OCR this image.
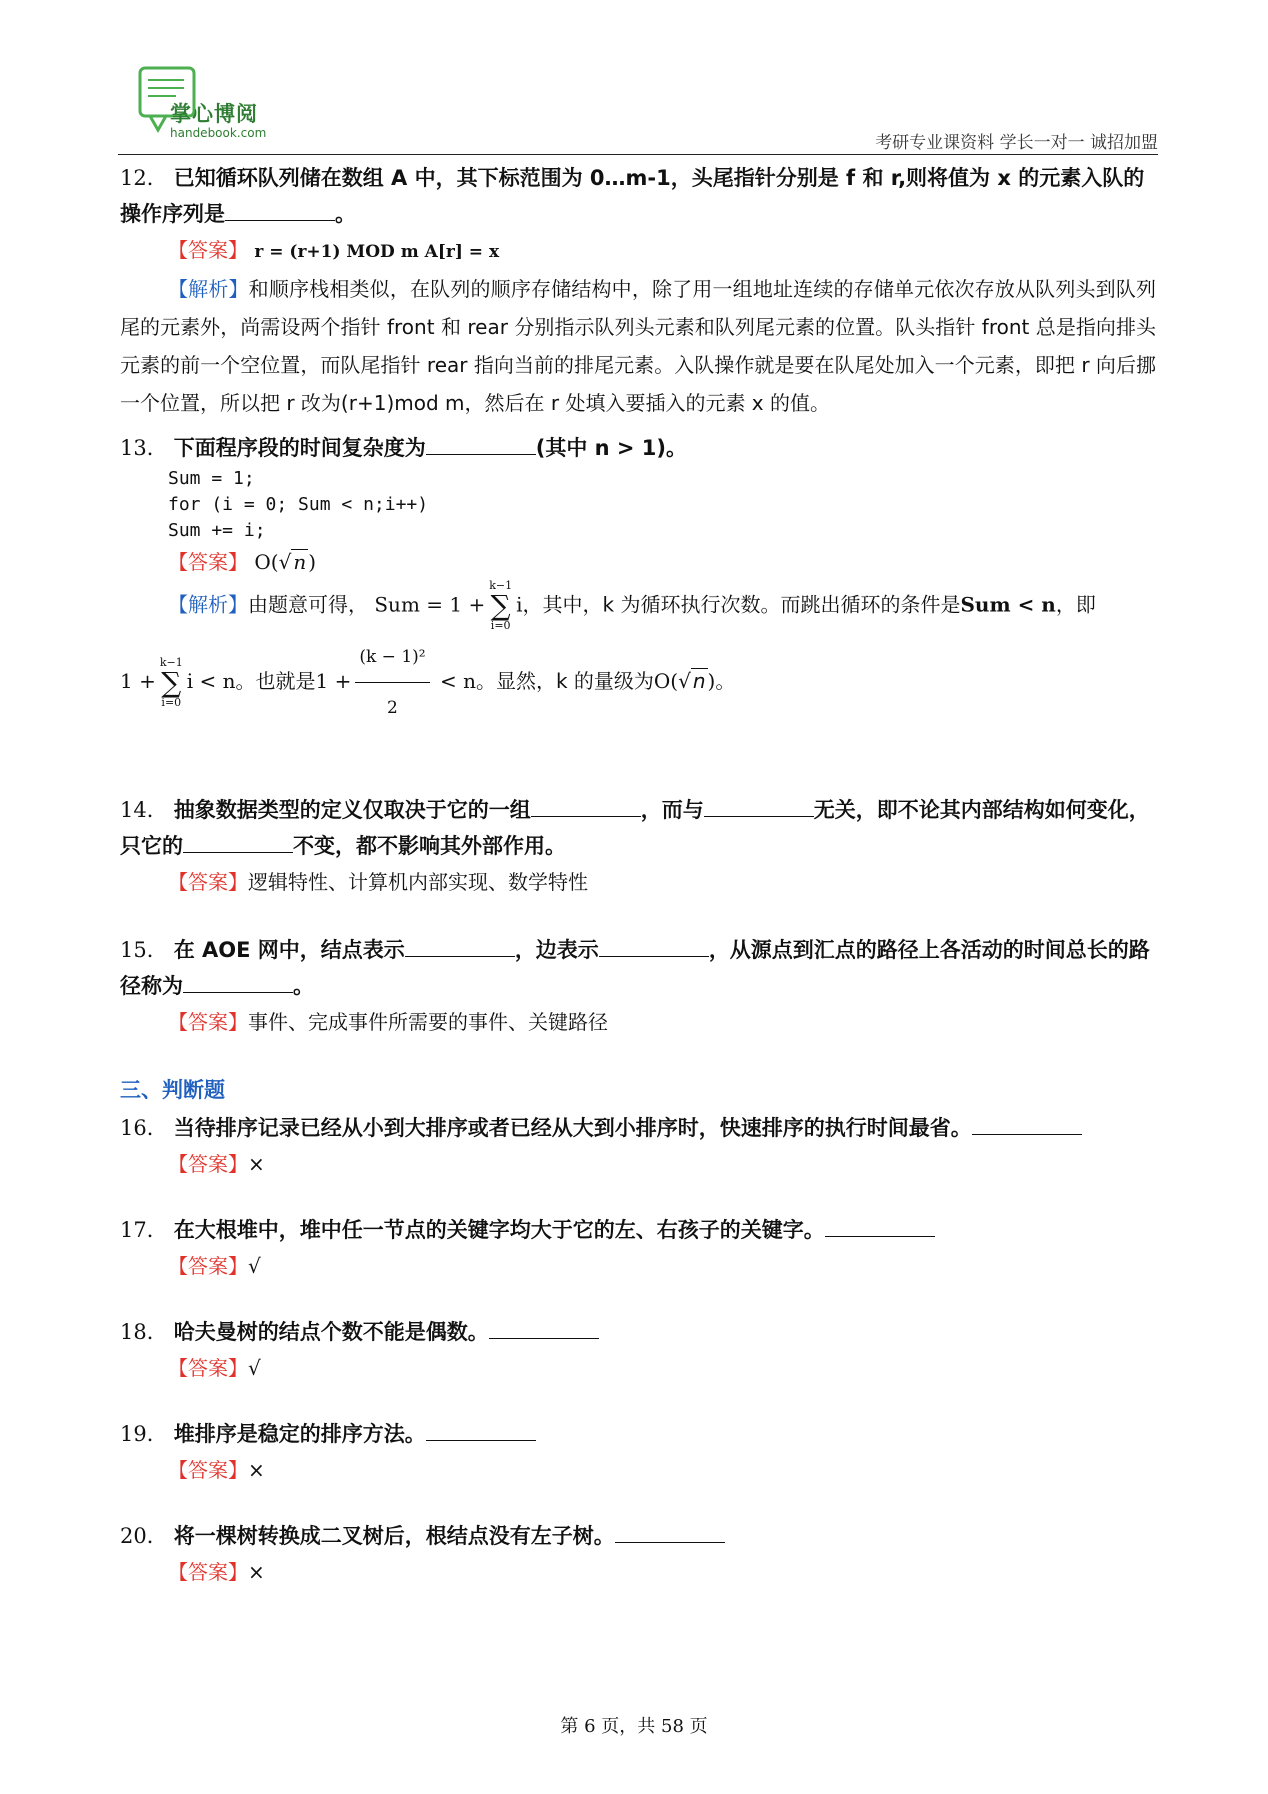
掌心博阅
handebook.com	考研专业课资料 学长一对一 诚招加盟
12． 已知循环队列储在数组 A 中，其下标范围为 0…m-1，头尾指针分别是 f 和 r,则将值为 x 的元素入队的操作序列是	。
【答案】 r = (r+1) MOD m A[r] = x
【解析】和顺序栈相类似，在队列的顺序存储结构中，除了用一组地址连续的存储单元依次存放从队列头到队列尾的元素外，尚需设两个指针 front 和 rear 分别指示队列头元素和队列尾元素的位置。队头指针 front 总是指向排头元素的前一个空位置，而队尾指针 rear 指向当前的排尾元素。入队操作就是要在队尾处加入一个元素，即把 r 向后挪一个位置，所以把 r 改为(r+1)mod m，然后在 r 处填入要插入的元素 x 的值。
13． 下面程序段的时间复杂度为	(其中 n > 1)。
Sum = 1;
for (i = 0; Sum < n;i++)
Sum += i;
【答案】 O(√ n )
【解析】由题意可得， Sum = 1 +
k−1
∑
i=0
i，其中，k 为循环执行次数。而跳出循环的条件是Sum < n，即
1 +
k−1
∑
i=0
i < n。也就是$1 + \frac{\text{(k − 1)²}}{2} < n$。显然，k 的量级为O(√ n )。
14． 抽象数据类型的定义仅取决于它的一组	，而与	无关，即不论其内部结构如何变化，只它的	不变，都不影响其外部作用。
【答案】逻辑特性、计算机内部实现、数学特性
15． 在 AOE 网中，结点表示	，边表示	，从源点到汇点的路径上各活动的时间总长的路径称为	。
【答案】事件、完成事件所需要的事件、关键路径
三、判断题
16． 当待排序记录已经从小到大排序或者已经从大到小排序时，快速排序的执行时间最省。
【答案】×
17． 在大根堆中，堆中任一节点的关键字均大于它的左、右孩子的关键字。
【答案】√
18． 哈夫曼树的结点个数不能是偶数。
【答案】√
19． 堆排序是稳定的排序方法。
【答案】×
20． 将一棵树转换成二叉树后，根结点没有左子树。
【答案】×
第 6 页，共 58 页
